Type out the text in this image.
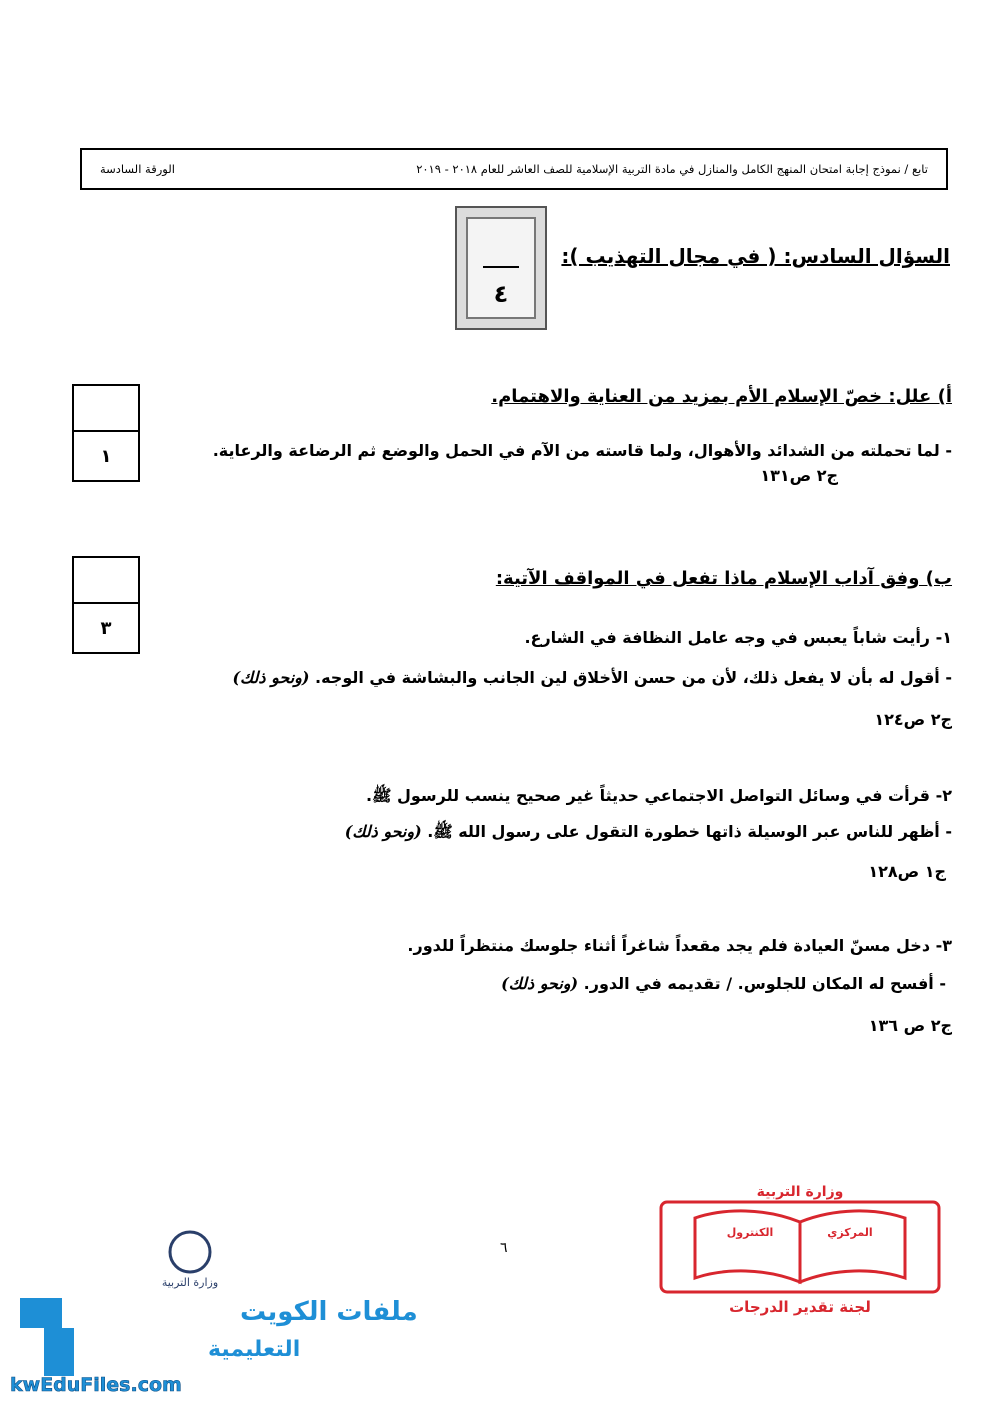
تابع / نموذج إجابة امتحان المنهج الكامل والمنازل في مادة التربية الإسلامية للصف العاشر للعام ٢٠١٨ - ٢٠١٩
الورقة السادسة
السؤال السادس: ( في مجال التهذيب ):
٤
١
أ) علل: خصّ الإسلام الأم بمزيد من العناية والاهتمام.
- لما تحملته من الشدائد والأهوال، ولما قاسته من الآم في الحمل والوضع ثم الرضاعة والرعاية.
ج٢ ص١٣١
٣
ب) وفق آداب الإسلام ماذا تفعل في المواقف الآتية:
١- رأيت شاباً يعبس في وجه عامل النظافة في الشارع.
- أقول له بأن لا يفعل ذلك، لأن من حسن الأخلاق لين الجانب والبشاشة في الوجه. (ونحو ذلك)
ج٢ ص١٢٤
٢- قرأت في وسائل التواصل الاجتماعي حديثاً غير صحيح ينسب للرسول ﷺ.
- أظهر للناس عبر الوسيلة ذاتها خطورة التقول على رسول الله ﷺ. (ونحو ذلك)
ج١ ص١٢٨
٣- دخل مسنّ العيادة فلم يجد مقعداً شاغراً أثناء جلوسك منتظراً للدور.
- أفسح له المكان للجلوس. / تقديمه في الدور. (ونحو ذلك)
ج٢ ص ١٣٦
٦
وزارة التربية
الكنترول	المركزي
لجنة تقدير الدرجات
وزارة التربية
ملفات الكويت
التعليمية
kwEduFiles.com
